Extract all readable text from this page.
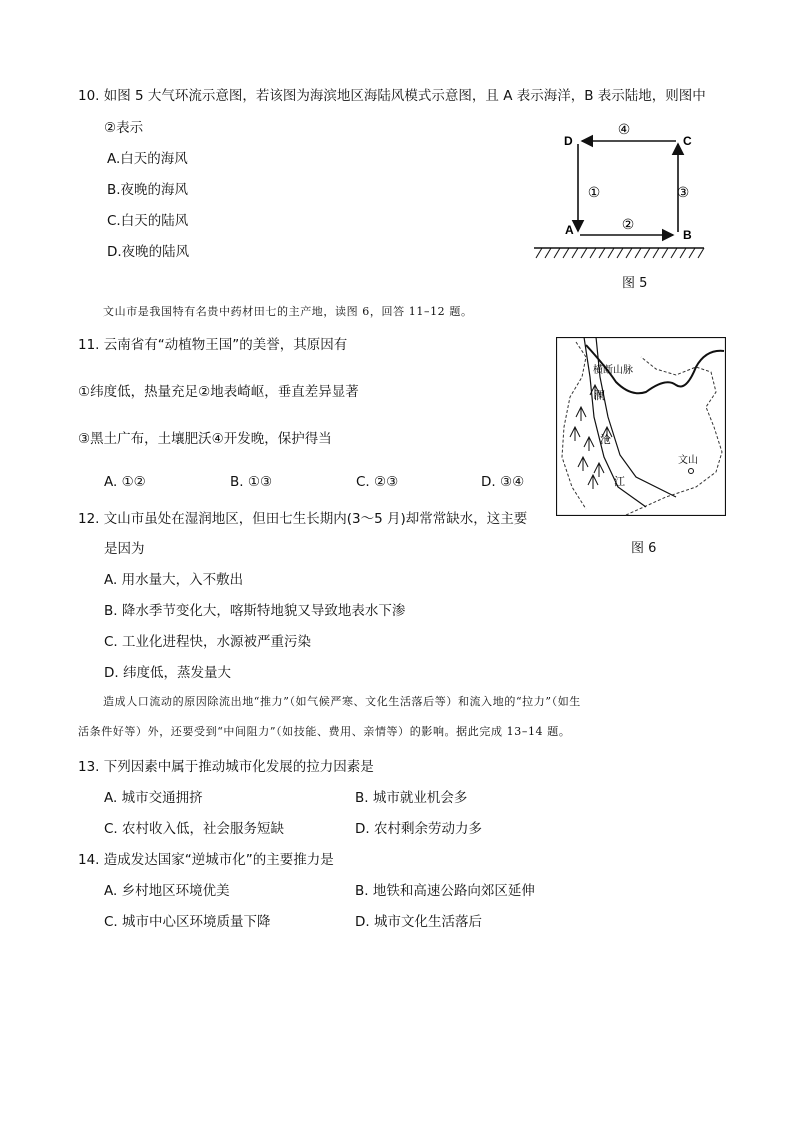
10. 如图 5 大气环流示意图，若该图为海滨地区海陆风模式示意图，且 A 表示海洋，B 表示陆地，则图中
②表示
A.白天的海风
B.夜晚的海风
C.白天的陆风
D.夜晚的陆风
D	C
A	B
④
①	③
②
图 5
文山市是我国特有名贵中药材田七的主产地，读图 6，回答 11–12 题。
11. 云南省有“动植物王国”的美誉，其原因有
①纬度低，热量充足②地表崎岖，垂直差异显著
③黑土广布，土壤肥沃④开发晚，保护得当
A. ①②	B. ①③	C. ②③	D. ③④
横断山脉
澜
沧
江
文山
图 6
12. 文山市虽处在湿润地区，但田七生长期内(3～5 月)却常常缺水，这主要
是因为
A. 用水量大，入不敷出
B. 降水季节变化大，喀斯特地貌又导致地表水下渗
C. 工业化进程快，水源被严重污染
D. 纬度低，蒸发量大
造成人口流动的原因除流出地“推力”（如气候严寒、文化生活落后等）和流入地的“拉力”（如生
活条件好等）外，还要受到“中间阻力”（如技能、费用、亲情等）的影响。据此完成 13–14 题。
13. 下列因素中属于推动城市化发展的拉力因素是
A. 城市交通拥挤	B. 城市就业机会多
C. 农村收入低，社会服务短缺	D. 农村剩余劳动力多
14. 造成发达国家“逆城市化”的主要推力是
A. 乡村地区环境优美	B. 地铁和高速公路向郊区延伸
C. 城市中心区环境质量下降	D. 城市文化生活落后
